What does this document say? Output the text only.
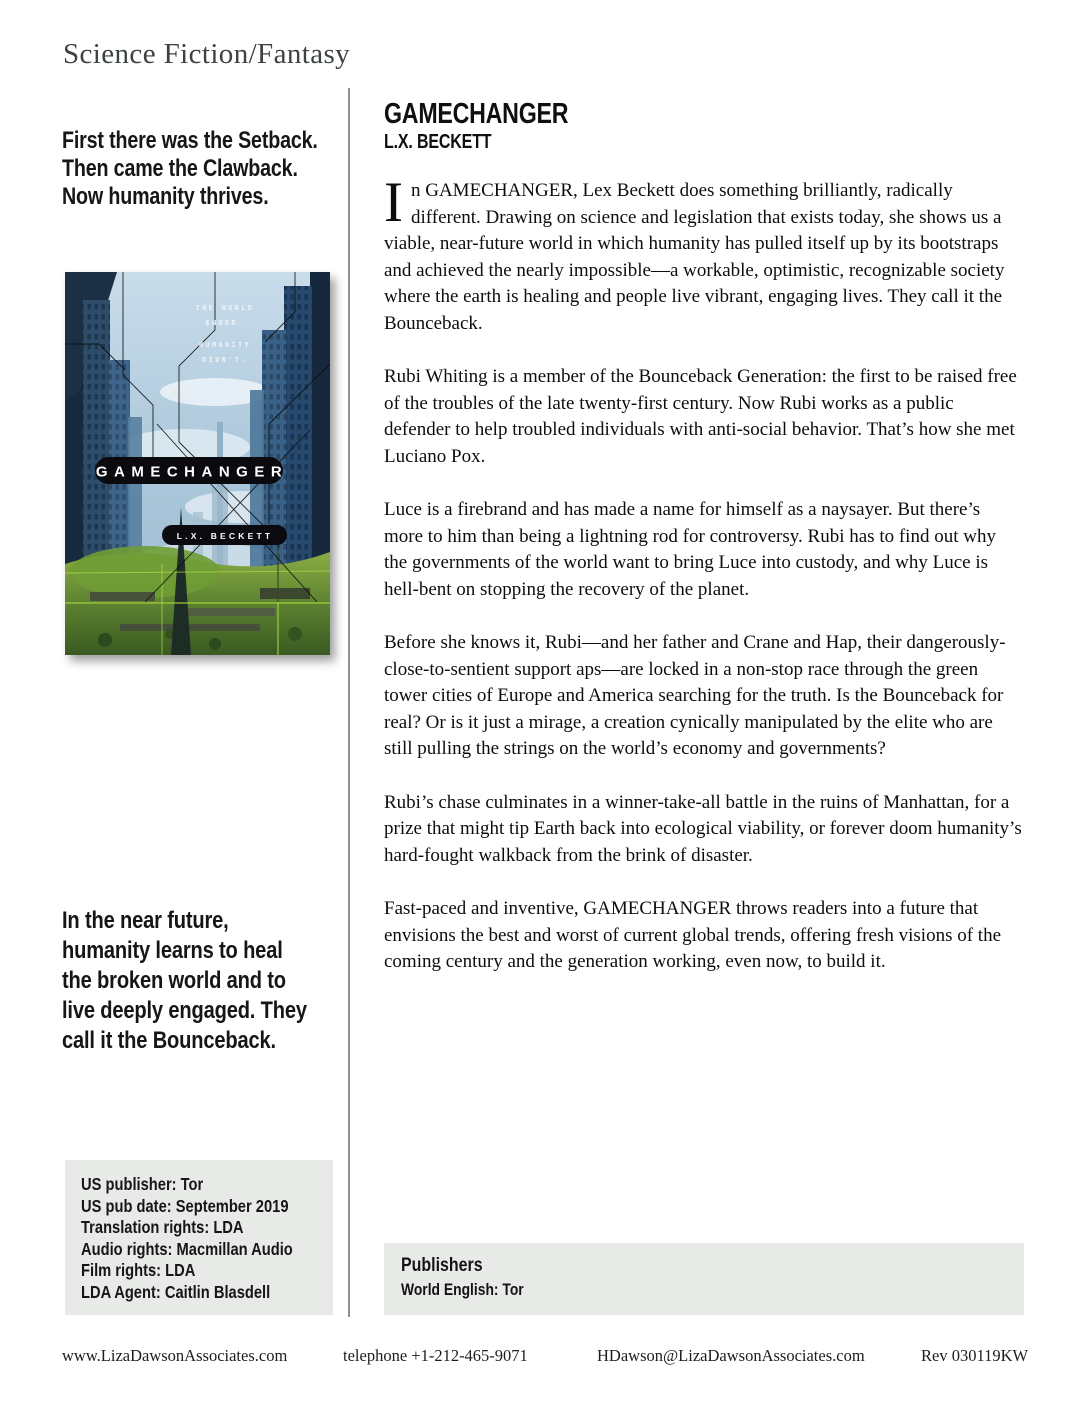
Science Fiction/Fantasy
First there was the Setback.
Then came the Clawback.
Now humanity thrives.
THE WORLD
ENDED.
HUMANITY
DIDN'T.
GAMECHANGER
L.X. BECKETT
In the near future,
humanity learns to heal
the broken world and to
live deeply engaged. They
call it the Bounceback.
US publisher: Tor
US pub date: September 2019
Translation rights: LDA
Audio rights: Macmillan Audio
Film rights: LDA
LDA Agent: Caitlin Blasdell
GAMECHANGER
L.X. BECKETT

In GAMECHANGER, Lex Beckett does something brilliantly, radically different. Drawing on science and legislation that exists today, she shows us a viable, near-future world in which humanity has pulled itself up by its bootstraps and achieved the nearly impossible—a workable, optimistic, recognizable society where the earth is healing and people live vibrant, engaging lives. They call it the Bounceback.

Rubi Whiting is a member of the Bounceback Generation: the first to be raised free of the troubles of the late twenty-first century. Now Rubi works as a public defender to help troubled individuals with anti-social behavior. That’s how she met Luciano Pox.

Luce is a firebrand and has made a name for himself as a naysayer. But there’s more to him than being a lightning rod for controversy. Rubi has to find out why the governments of the world want to bring Luce into custody, and why Luce is hell-bent on stopping the recovery of the planet.

Before she knows it, Rubi—and her father and Crane and Hap, their dangerously-close-to-sentient support aps—are locked in a non-stop race through the green tower cities of Europe and America searching for the truth. Is the Bounceback for real? Or is it just a mirage, a creation cynically manipulated by the elite who are still pulling the strings on the world’s economy and governments?

Rubi’s chase culminates in a winner-take-all battle in the ruins of Manhattan, for a prize that might tip Earth back into ecological viability, or forever doom humanity’s hard-fought walkback from the brink of disaster.

Fast-paced and inventive, GAMECHANGER throws readers into a future that envisions the best and worst of current global trends, offering fresh visions of the coming century and the generation working, even now, to build it.

Publishers
World English: Tor
www.LizaDawsonAssociates.com	telephone +1-212-465-9071	HDawson@LizaDawsonAssociates.com	Rev 030119KW
